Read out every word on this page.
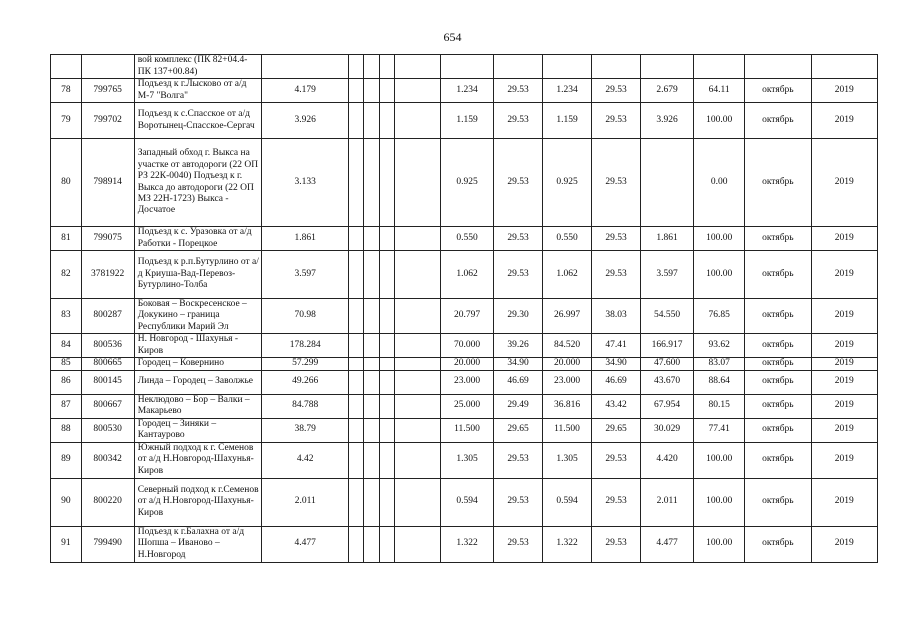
654
		вой комплекс (ПК 82+04.4-ПК 137+00.84)													
78	799765	Подъезд к г.Лысково от а/д М-7 "Волга"	4.179					1.234	29.53	1.234	29.53	2.679	64.11	октябрь	2019
79	799702	Подъезд к с.Спасское от а/д Воротынец-Спасское-Сергач	3.926					1.159	29.53	1.159	29.53	3.926	100.00	октябрь	2019
80	798914	Западный обход г. Выкса на участке от автодороги (22 ОП РЗ 22К-0040) Подъезд к г. Выкса до автодороги (22 ОП МЗ 22Н-1723) Выкса - Досчатое	3.133					0.925	29.53	0.925	29.53		0.00	октябрь	2019
81	799075	Подъезд к с. Уразовка от а/д Работки - Порецкое	1.861					0.550	29.53	0.550	29.53	1.861	100.00	октябрь	2019
82	3781922	Подъезд к р.п.Бутурлино от а/д Криуша-Вад-Перевоз-Бутурлино-Толба	3.597					1.062	29.53	1.062	29.53	3.597	100.00	октябрь	2019
83	800287	Боковая – Воскресенское – Докукино – граница Республики Марий Эл	70.98					20.797	29.30	26.997	38.03	54.550	76.85	октябрь	2019
84	800536	Н. Новгород - Шахунья - Киров	178.284					70.000	39.26	84.520	47.41	166.917	93.62	октябрь	2019
85	800665	Городец – Ковернино	57.299					20.000	34.90	20.000	34.90	47.600	83.07	октябрь	2019
86	800145	Линда – Городец – Заволжье	49.266					23.000	46.69	23.000	46.69	43.670	88.64	октябрь	2019
87	800667	Неклюдово – Бор – Валки – Макарьево	84.788					25.000	29.49	36.816	43.42	67.954	80.15	октябрь	2019
88	800530	Городец – Зиняки – Кантаурово	38.79					11.500	29.65	11.500	29.65	30.029	77.41	октябрь	2019
89	800342	Южный подход к г. Семенов от а/д Н.Новгород-Шахунья-Киров	4.42					1.305	29.53	1.305	29.53	4.420	100.00	октябрь	2019
90	800220	Северный подход к г.Семенов от а/д Н.Новгород-Шахунья-Киров	2.011					0.594	29.53	0.594	29.53	2.011	100.00	октябрь	2019
91	799490	Подъезд к г.Балахна от а/д Шопша – Иваново – Н.Новгород	4.477					1.322	29.53	1.322	29.53	4.477	100.00	октябрь	2019
